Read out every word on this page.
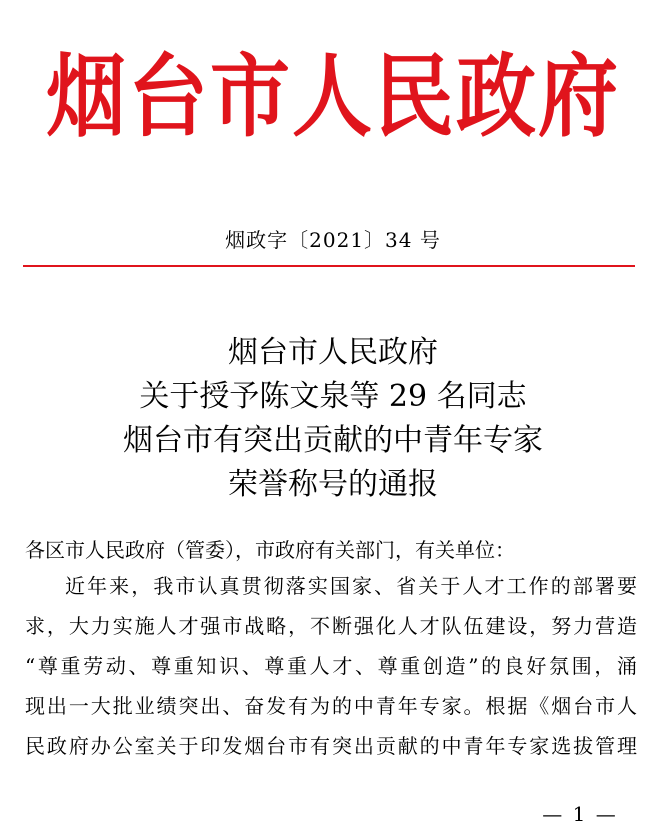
烟台市人民政府
烟政字〔2021〕34 号
烟台市人民政府
关于授予陈文泉等 29 名同志
烟台市有突出贡献的中青年专家
荣誉称号的通报
各区市人民政府（管委），市政府有关部门，有关单位：
近年来，我市认真贯彻落实国家、省关于人才工作的部署要
求，大力实施人才强市战略，不断强化人才队伍建设，努力营造
“尊重劳动、尊重知识、尊重人才、尊重创造”的良好氛围，涌
现出一大批业绩突出、奋发有为的中青年专家。根据《烟台市人
民政府办公室关于印发烟台市有突出贡献的中青年专家选拔管理
— 1 —
